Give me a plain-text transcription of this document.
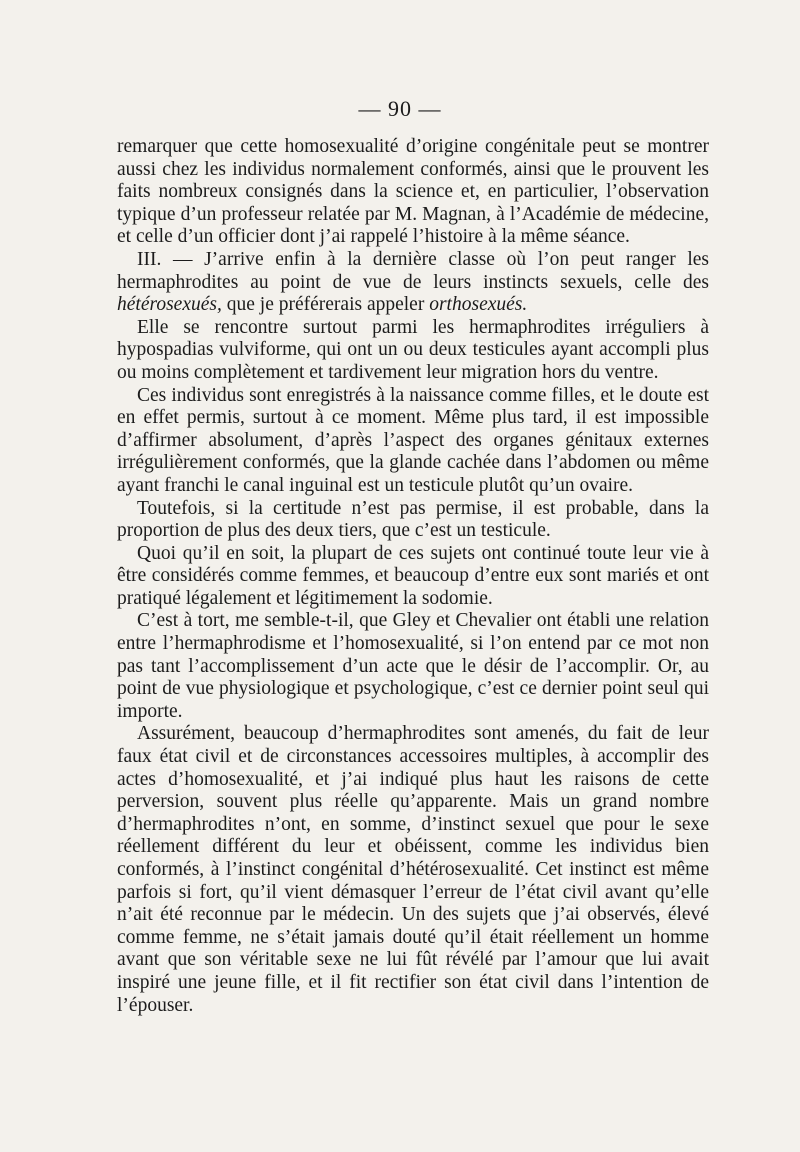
— 90 —

remarquer que cette homosexualité d’origine congénitale peut se montrer aussi chez les individus normalement conformés, ainsi que le prouvent les faits nombreux consignés dans la science et, en particulier, l’observation typique d’un professeur relatée par M. Magnan, à l’Académie de médecine, et celle d’un officier dont j’ai rappelé l’histoire à la même séance.

III. — J’arrive enfin à la dernière classe où l’on peut ranger les hermaphrodites au point de vue de leurs instincts sexuels, celle des hétérosexués, que je préférerais appeler orthosexués.

Elle se rencontre surtout parmi les hermaphrodites irréguliers à hypospadias vulviforme, qui ont un ou deux testicules ayant accompli plus ou moins complètement et tardivement leur migration hors du ventre.

Ces individus sont enregistrés à la naissance comme filles, et le doute est en effet permis, surtout à ce moment. Même plus tard, il est impossible d’affirmer absolument, d’après l’aspect des organes génitaux externes irrégulièrement conformés, que la glande cachée dans l’abdomen ou même ayant franchi le canal inguinal est un testicule plutôt qu’un ovaire.

Toutefois, si la certitude n’est pas permise, il est probable, dans la proportion de plus des deux tiers, que c’est un testicule.

Quoi qu’il en soit, la plupart de ces sujets ont continué toute leur vie à être considérés comme femmes, et beaucoup d’entre eux sont mariés et ont pratiqué légalement et légitimement la sodomie.

C’est à tort, me semble-t-il, que Gley et Chevalier ont établi une relation entre l’hermaphrodisme et l’homosexualité, si l’on entend par ce mot non pas tant l’accomplissement d’un acte que le désir de l’accomplir. Or, au point de vue physiologique et psychologique, c’est ce dernier point seul qui importe.

Assurément, beaucoup d’hermaphrodites sont amenés, du fait de leur faux état civil et de circonstances accessoires multiples, à accomplir des actes d’homosexualité, et j’ai indiqué plus haut les raisons de cette perversion, souvent plus réelle qu’apparente. Mais un grand nombre d’hermaphrodites n’ont, en somme, d’instinct sexuel que pour le sexe réellement différent du leur et obéissent, comme les individus bien conformés, à l’instinct congénital d’hétérosexualité. Cet instinct est même parfois si fort, qu’il vient démasquer l’erreur de l’état civil avant qu’elle n’ait été reconnue par le médecin. Un des sujets que j’ai observés, élevé comme femme, ne s’était jamais douté qu’il était réellement un homme avant que son véritable sexe ne lui fût révélé par l’amour que lui avait inspiré une jeune fille, et il fit rectifier son état civil dans l’intention de l’épouser.
